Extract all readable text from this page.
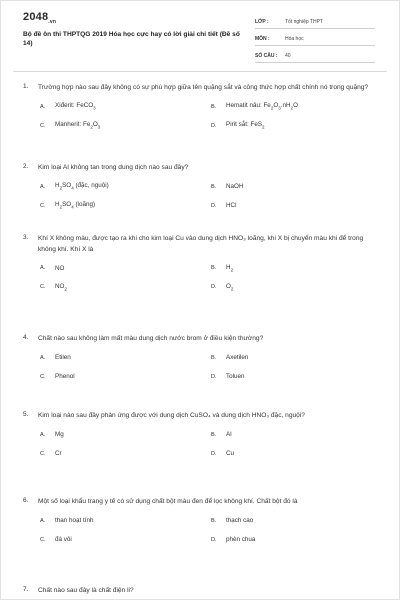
$2048_{.vn}$
Bộ đề ôn thi THPTQG 2019 Hóa học cực hay có lời giải chi tiết (Đề số 14)
LỚP :	Tốt nghiệp THPT
MÔN :	Hóa học
SỐ CÂU :	40
1. Trường hợp nào sau đây không có sự phù hợp giữa tên quặng sắt và công thức hợp chất chính nó trong quặng?
A.	Xiđerit: FeCO$_3$	B.	Hematit nâu: $Fe_2O_3.nH_2O$
C.	Manherit: $Fe_2O_3$	D.	Pirit sắt: FeS$_2$
2. Kim loại Al không tan trong dung dịch nào sau đây?
A.	$H_2SO_4$ (đặc, nguội)	B.	NaOH
C.	$H_2SO_4$ (loãng)	D.	HCl
3. Khí X không màu, được tạo ra khi cho kim loại Cu vào dung dịch HNO₃ loãng, khi X bị chuyển màu khi để trong không khí. Khí X là
A.	NO	B.	$H_2$
C.	$NO_2$	D.	$O_2$
4. Chất nào sau không làm mất màu dung dịch nước brom ở điều kiện thường?
A.	Etilen	B.	Axetilen
C.	Phenol	D.	Toluen
5. Kim loại nào sau đây phản ứng được với dung dịch CuSO₄ và dung dịch HNO₃ đặc, nguội?
A.	Mg	B.	Al
C.	Cr	D.	Cu
6. Một số loại khẩu trang y tế có sử dụng chất bột màu đen để lọc không khí. Chất bột đó là
A.	than hoạt tính	B.	thạch cao
C.	đá vôi	D.	phèn chua
7. Chất nào sau đây là chất điện li?
